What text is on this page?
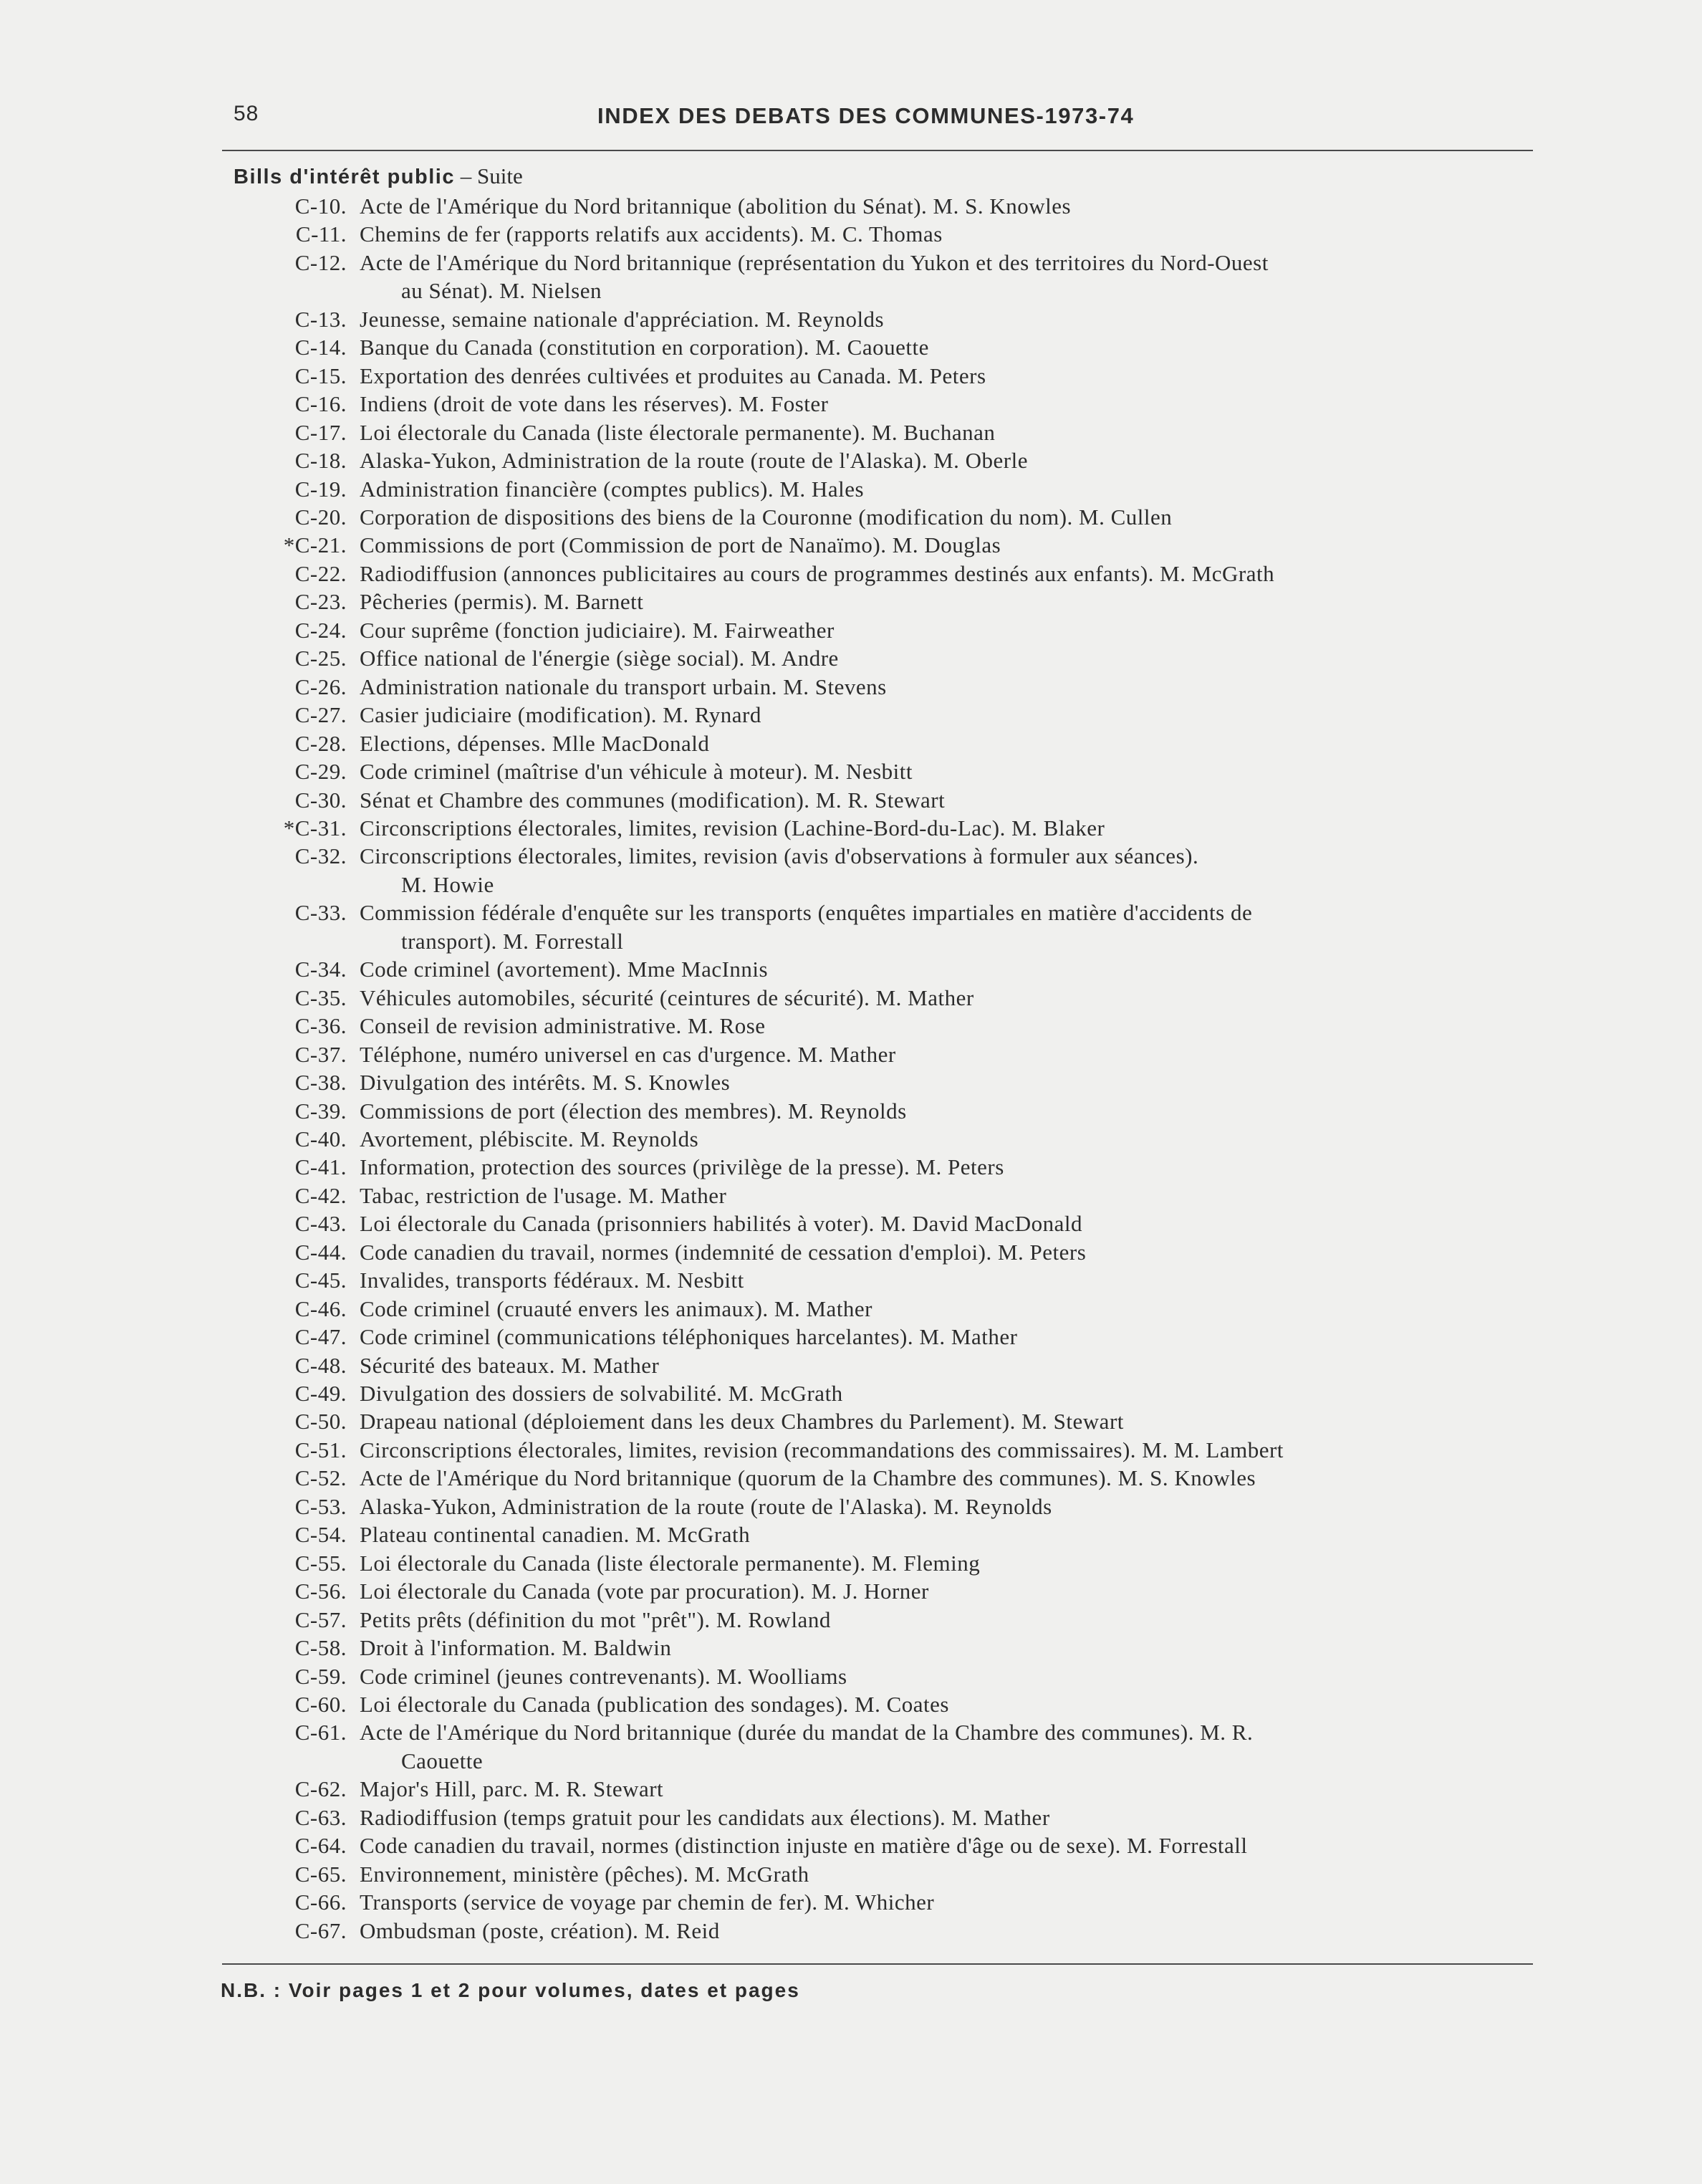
58	INDEX DES DEBATS DES COMMUNES-1973-74
Bills d'intérêt public – Suite
C-10. Acte de l'Amérique du Nord britannique (abolition du Sénat). M. S. Knowles
C-11. Chemins de fer (rapports relatifs aux accidents). M. C. Thomas
C-12. Acte de l'Amérique du Nord britannique (représentation du Yukon et des territoires du Nord-Ouest
au Sénat). M. Nielsen
C-13. Jeunesse, semaine nationale d'appréciation. M. Reynolds
C-14. Banque du Canada (constitution en corporation). M. Caouette
C-15. Exportation des denrées cultivées et produites au Canada. M. Peters
C-16. Indiens (droit de vote dans les réserves). M. Foster
C-17. Loi électorale du Canada (liste électorale permanente). M. Buchanan
C-18. Alaska-Yukon, Administration de la route (route de l'Alaska). M. Oberle
C-19. Administration financière (comptes publics). M. Hales
C-20. Corporation de dispositions des biens de la Couronne (modification du nom). M. Cullen
*C-21. Commissions de port (Commission de port de Nanaïmo). M. Douglas
C-22. Radiodiffusion (annonces publicitaires au cours de programmes destinés aux enfants). M. McGrath
C-23. Pêcheries (permis). M. Barnett
C-24. Cour suprême (fonction judiciaire). M. Fairweather
C-25. Office national de l'énergie (siège social). M. Andre
C-26. Administration nationale du transport urbain. M. Stevens
C-27. Casier judiciaire (modification). M. Rynard
C-28. Elections, dépenses. Mlle MacDonald
C-29. Code criminel (maîtrise d'un véhicule à moteur). M. Nesbitt
C-30. Sénat et Chambre des communes (modification). M. R. Stewart
*C-31. Circonscriptions électorales, limites, revision (Lachine-Bord-du-Lac). M. Blaker
C-32. Circonscriptions électorales, limites, revision (avis d'observations à formuler aux séances).
M. Howie
C-33. Commission fédérale d'enquête sur les transports (enquêtes impartiales en matière d'accidents de
transport). M. Forrestall
C-34. Code criminel (avortement). Mme MacInnis
C-35. Véhicules automobiles, sécurité (ceintures de sécurité). M. Mather
C-36. Conseil de revision administrative. M. Rose
C-37. Téléphone, numéro universel en cas d'urgence. M. Mather
C-38. Divulgation des intérêts. M. S. Knowles
C-39. Commissions de port (élection des membres). M. Reynolds
C-40. Avortement, plébiscite. M. Reynolds
C-41. Information, protection des sources (privilège de la presse). M. Peters
C-42. Tabac, restriction de l'usage. M. Mather
C-43. Loi électorale du Canada (prisonniers habilités à voter). M. David MacDonald
C-44. Code canadien du travail, normes (indemnité de cessation d'emploi). M. Peters
C-45. Invalides, transports fédéraux. M. Nesbitt
C-46. Code criminel (cruauté envers les animaux). M. Mather
C-47. Code criminel (communications téléphoniques harcelantes). M. Mather
C-48. Sécurité des bateaux. M. Mather
C-49. Divulgation des dossiers de solvabilité. M. McGrath
C-50. Drapeau national (déploiement dans les deux Chambres du Parlement). M. Stewart
C-51. Circonscriptions électorales, limites, revision (recommandations des commissaires). M. M. Lambert
C-52. Acte de l'Amérique du Nord britannique (quorum de la Chambre des communes). M. S. Knowles
C-53. Alaska-Yukon, Administration de la route (route de l'Alaska). M. Reynolds
C-54. Plateau continental canadien. M. McGrath
C-55. Loi électorale du Canada (liste électorale permanente). M. Fleming
C-56. Loi électorale du Canada (vote par procuration). M. J. Horner
C-57. Petits prêts (définition du mot "prêt"). M. Rowland
C-58. Droit à l'information. M. Baldwin
C-59. Code criminel (jeunes contrevenants). M. Woolliams
C-60. Loi électorale du Canada (publication des sondages). M. Coates
C-61. Acte de l'Amérique du Nord britannique (durée du mandat de la Chambre des communes). M. R.
Caouette
C-62. Major's Hill, parc. M. R. Stewart
C-63. Radiodiffusion (temps gratuit pour les candidats aux élections). M. Mather
C-64. Code canadien du travail, normes (distinction injuste en matière d'âge ou de sexe). M. Forrestall
C-65. Environnement, ministère (pêches). M. McGrath
C-66. Transports (service de voyage par chemin de fer). M. Whicher
C-67. Ombudsman (poste, création). M. Reid
N.B. : Voir pages 1 et 2 pour volumes, dates et pages
